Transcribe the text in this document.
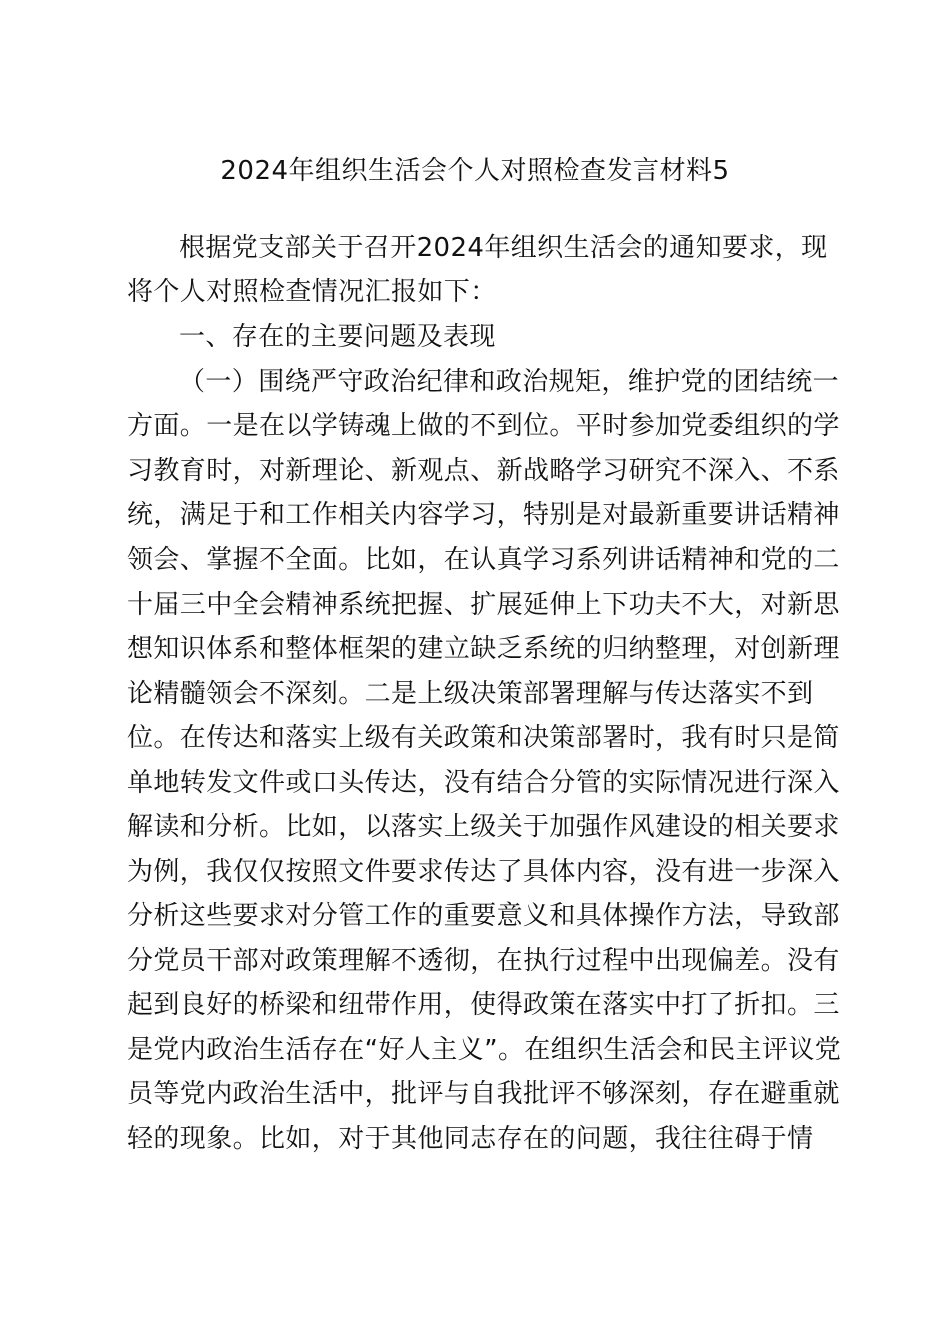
2024年组织生活会个人对照检查发言材料5
根据党支部关于召开2024年组织生活会的通知要求，现
将个人对照检查情况汇报如下：
一、存在的主要问题及表现
（一）围绕严守政治纪律和政治规矩，维护党的团结统一
方面。一是在以学铸魂上做的不到位。平时参加党委组织的学
习教育时，对新理论、新观点、新战略学习研究不深入、不系
统，满足于和工作相关内容学习，特别是对最新重要讲话精神
领会、掌握不全面。比如，在认真学习系列讲话精神和党的二
十届三中全会精神系统把握、扩展延伸上下功夫不大，对新思
想知识体系和整体框架的建立缺乏系统的归纳整理，对创新理
论精髓领会不深刻。二是上级决策部署理解与传达落实不到
位。在传达和落实上级有关政策和决策部署时，我有时只是简
单地转发文件或口头传达，没有结合分管的实际情况进行深入
解读和分析。比如，以落实上级关于加强作风建设的相关要求
为例，我仅仅按照文件要求传达了具体内容，没有进一步深入
分析这些要求对分管工作的重要意义和具体操作方法，导致部
分党员干部对政策理解不透彻，在执行过程中出现偏差。没有
起到良好的桥梁和纽带作用，使得政策在落实中打了折扣。三
是党内政治生活存在“好人主义”。在组织生活会和民主评议党
员等党内政治生活中，批评与自我批评不够深刻，存在避重就
轻的现象。比如，对于其他同志存在的问题，我往往碍于情
